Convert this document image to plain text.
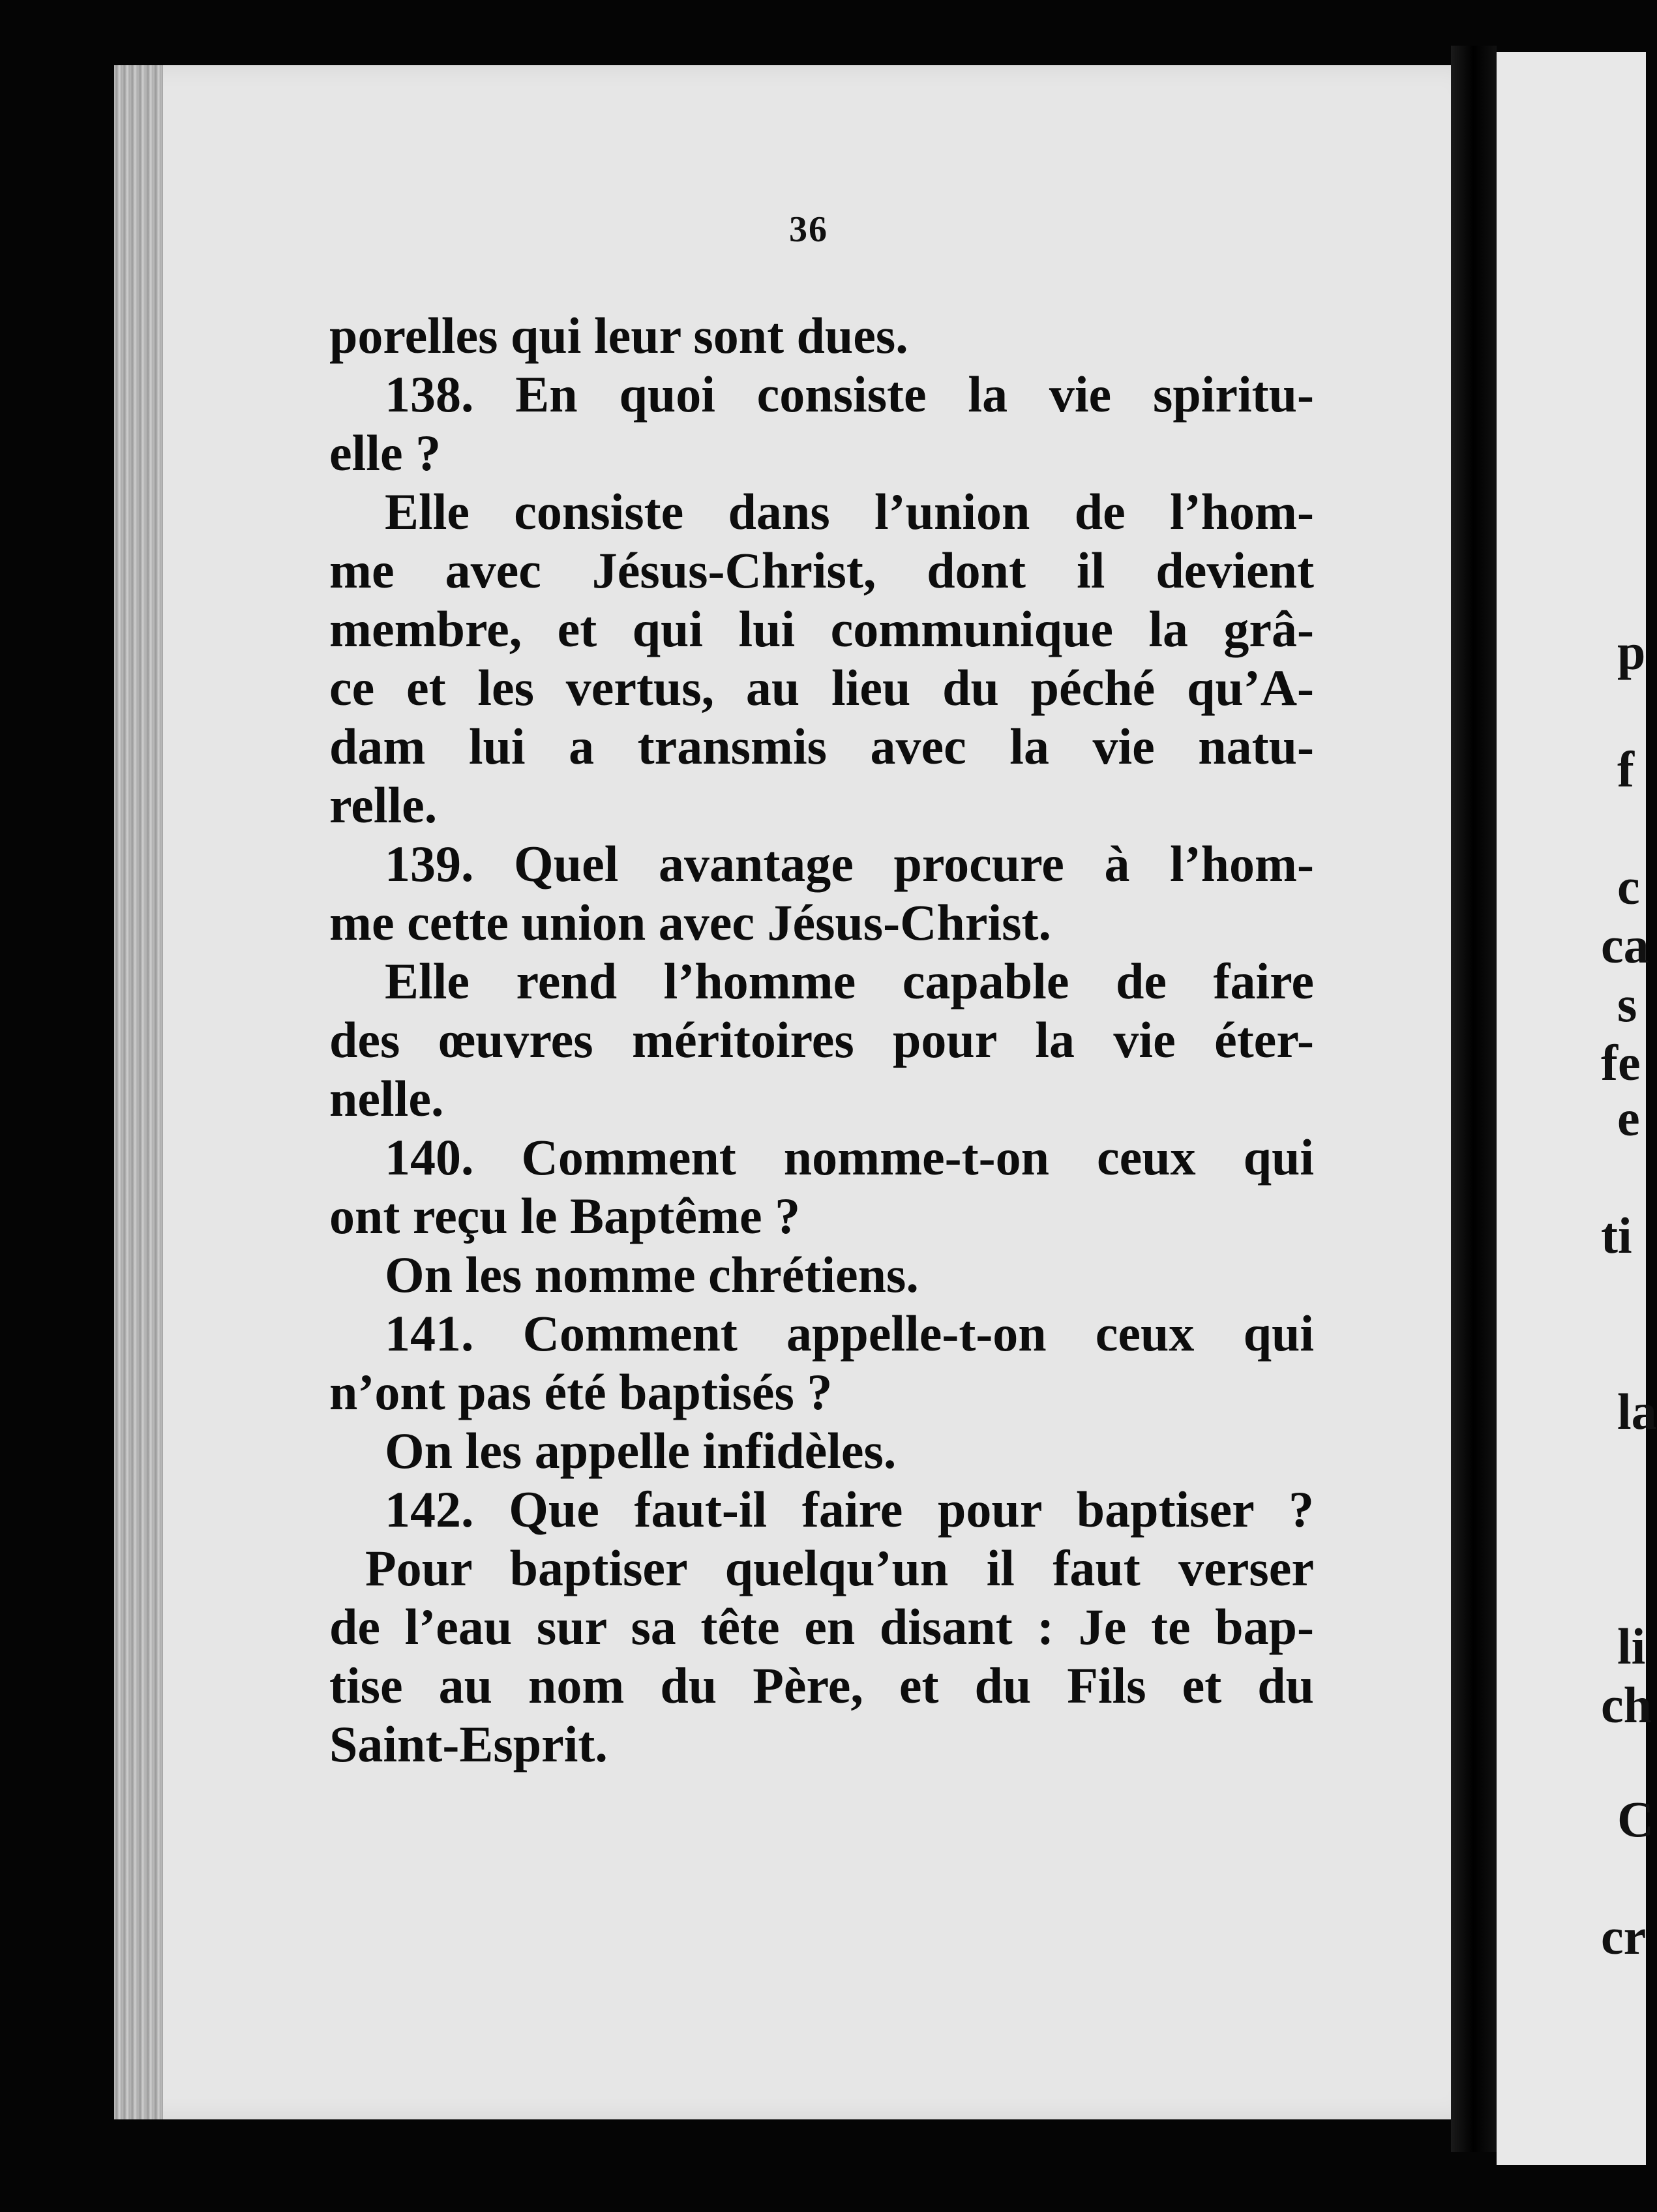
36
porelles qui leur sont dues.
138. En quoi consiste la vie spiritu-
elle ?
Elle consiste dans l’union de l’hom-
me avec Jésus-Christ, dont il devient
membre, et qui lui communique la grâ-
ce et les vertus, au lieu du péché qu’A-
dam lui a transmis avec la vie natu-
relle.
139. Quel avantage procure à l’hom-
me cette union avec Jésus-Christ.
Elle rend l’homme capable de faire
des œuvres méritoires pour la vie éter-
nelle.
140. Comment nomme-t-on ceux qui
ont reçu le Baptême ?
On les nomme chrétiens.
141. Comment appelle-t-on ceux qui
n’ont pas été baptisés ?
On les appelle infidèles.
142. Que faut-il faire pour baptiser ?
Pour baptiser quelqu’un il faut verser
de l’eau sur sa tête en disant : Je te bap-
tise au nom du Père, et du Fils et du
Saint-Esprit.
p
f
c
ca
s
fe
e
ti
la
li
ch
C
cr
